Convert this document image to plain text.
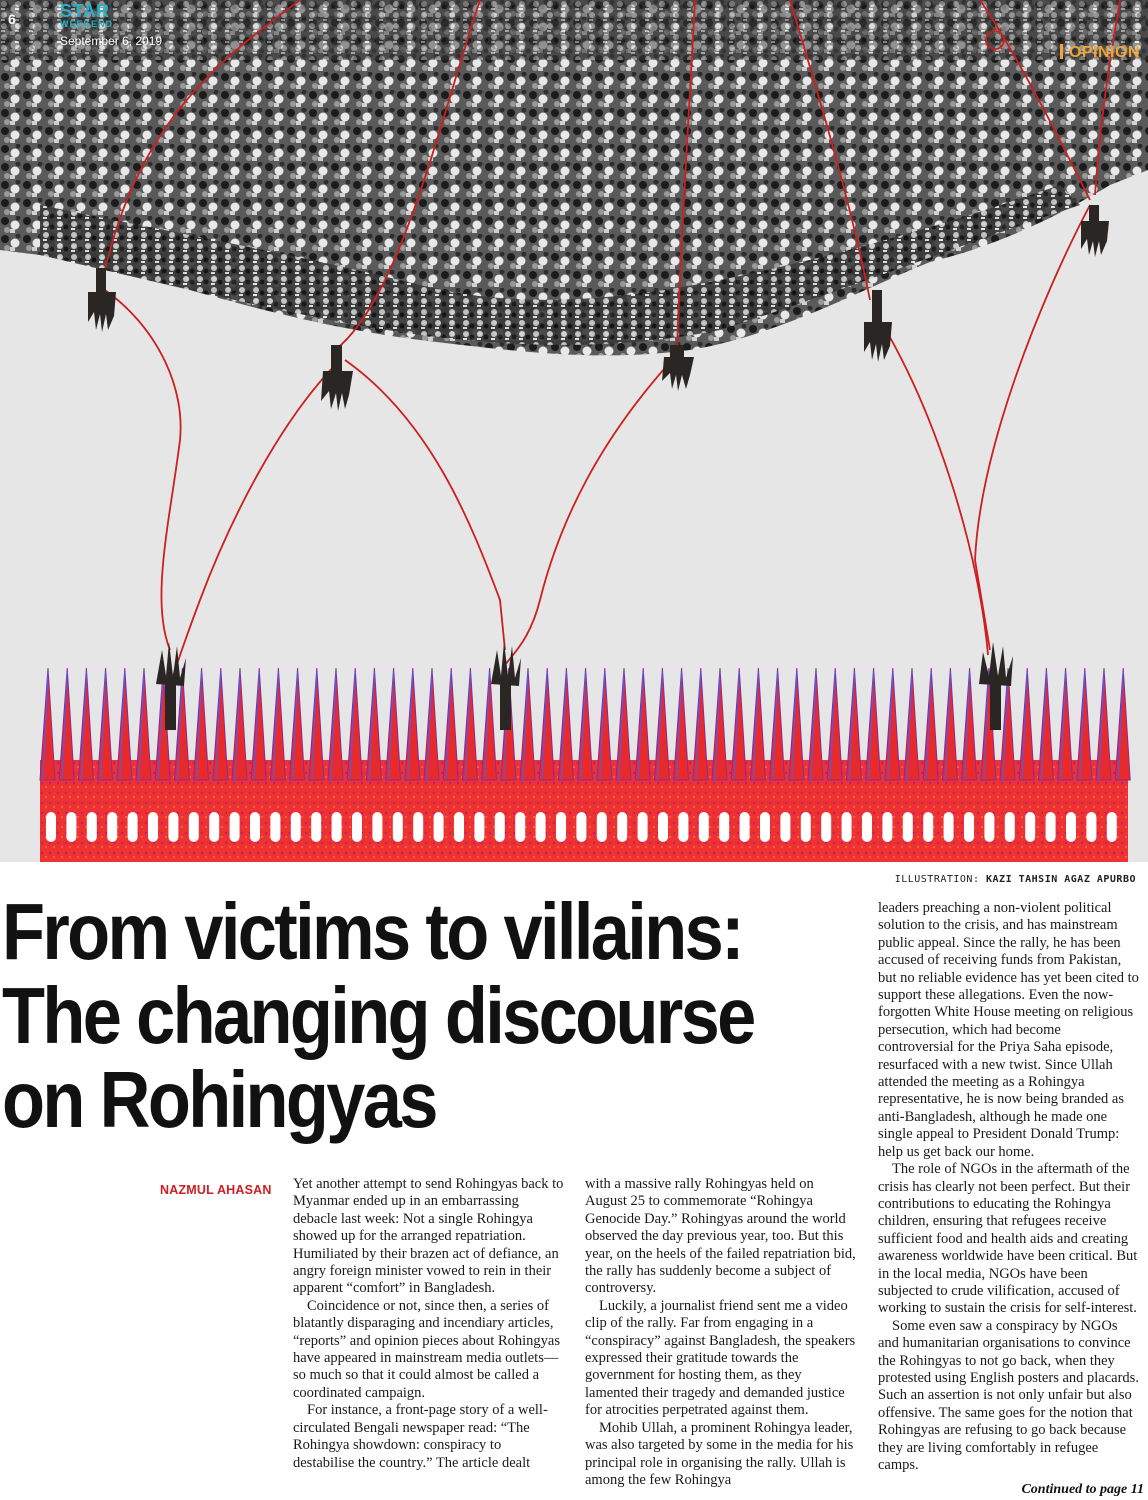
6 STAR
WEEKEND
September 6, 2019
OPINION
ILLUSTRATION: KAZI TAHSIN AGAZ APURBO
From victims to villains:
The changing discourse
on Rohingyas
NAZMUL AHASAN Yet another attempt to send Rohingyas back to Myanmar ended up in an embarrassing debacle last week: Not a single Rohingya showed up for the arranged repatriation. Humiliated by their brazen act of defiance, an angry foreign minister vowed to rein in their apparent “comfort” in Bangladesh.

Coincidence or not, since then, a series of blatantly disparaging and incendiary articles, “reports” and opinion pieces about Rohingyas have appeared in mainstream media outlets—so much so that it could almost be called a coordinated campaign.

For instance, a front-page story of a well-circulated Bengali newspaper read: “The Rohingya showdown: conspiracy to destabilise the country.” The article dealt

with a massive rally Rohingyas held on August 25 to commemorate “Rohingya Genocide Day.” Rohingyas around the world observed the day previous year, too. But this year, on the heels of the failed repatriation bid, the rally has suddenly become a subject of controversy.

Luckily, a journalist friend sent me a video clip of the rally. Far from engaging in a “conspiracy” against Bangladesh, the speakers expressed their gratitude towards the government for hosting them, as they lamented their tragedy and demanded justice for atrocities perpetrated against them.

Mohib Ullah, a prominent Rohingya leader, was also targeted by some in the media for his principal role in organising the rally. Ullah is among the few Rohingya

leaders preaching a non-violent political solution to the crisis, and has mainstream public appeal. Since the rally, he has been accused of receiving funds from Pakistan, but no reliable evidence has yet been cited to support these allegations. Even the now-forgotten White House meeting on religious persecution, which had become controversial for the Priya Saha episode, resurfaced with a new twist. Since Ullah attended the meeting as a Rohingya representative, he is now being branded as anti-Bangladesh, although he made one single appeal to President Donald Trump: help us get back our home.

The role of NGOs in the aftermath of the crisis has clearly not been perfect. But their contributions to educating the Rohingya children, ensuring that refugees receive sufficient food and health aids and creating awareness worldwide have been critical. But in the local media, NGOs have been subjected to crude vilification, accused of working to sustain the crisis for self-interest.

Some even saw a conspiracy by NGOs and humanitarian organisations to convince the Rohingyas to not go back, when they protested using English posters and placards. Such an assertion is not only unfair but also offensive. The same goes for the notion that Rohingyas are refusing to go back because they are living comfortably in refugee camps.

Continued to page 11
